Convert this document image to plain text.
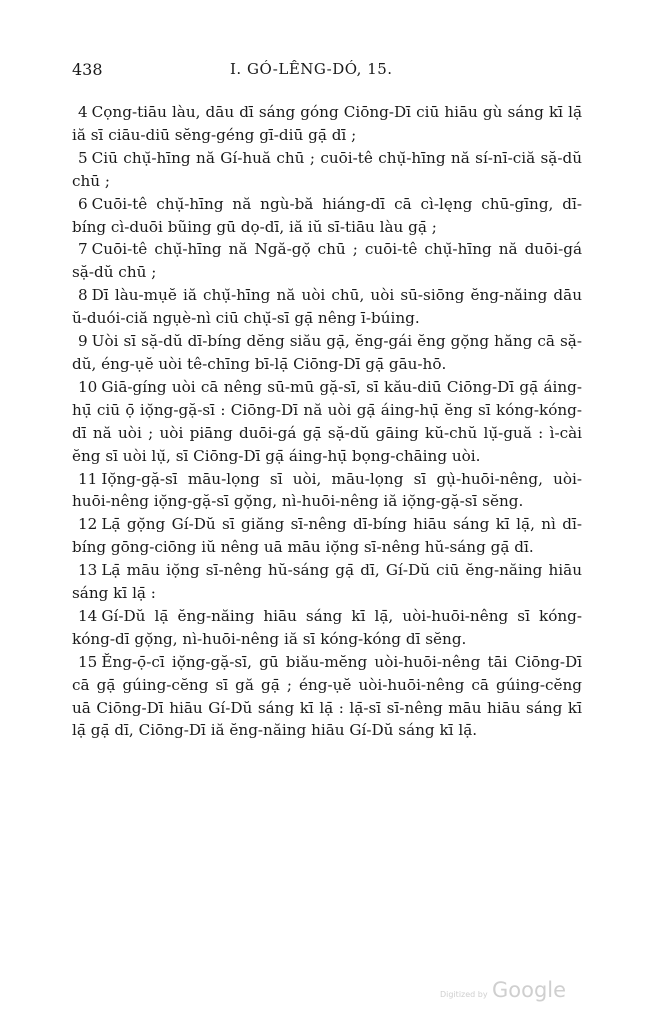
438	I. GÓ-LÊNG-DÓ, 15.

4 Cọng-tiāu làu, dāu dī sáng góng Ciōng-Dī ciū hiāu gù sáng kī lạ̄ iă sī ciāu-diū sĕng-géng gī-diū gạ̄ dī ;

5 Ciū chụ̆-hīng nă Gí-huă chū ; cuōi-tê chụ̆-hīng nă sí-nī-ciă sặ-dŭ chū ;

6 Cuōi-tê chụ̆-hīng nă ngù-bă hiáng-dī cā cì-lęng chū-gīng, dī-bíng cì-duōi bũing gū dọ-dī, iă iŭ sī-tiāu làu gạ̄ ;

7 Cuōi-tê chụ̆-hīng nă Ngă-gọ̆ chū ; cuōi-tê chụ̆-hīng nă duōi-gá sặ-dŭ chū ;

8 Dī làu-mụĕ iă chụ̆-hīng nă uòi chū, uòi sū-siōng ĕng-năing dāu ŭ-duói-ciă ngụè-nì ciū chụ̆-sī gạ̄ nêng ī-búing.

9 Uòi sī sặ-dŭ dī-bíng dĕng siău gạ̄, ĕng-gái ĕng gọ̆ng hăng cā sặ-dŭ, éng-ụĕ uòi tê-chīng bī-lạ̄ Ciōng-Dī gạ̄ gāu-hō.

10 Giā-gíng uòi cā nêng sū-mū gặ-sī, sī kău-diū Ciōng-Dī gạ̄ áing-hụ̄ ciū ọ̄ iọ̆ng-gặ-sī : Ciōng-Dī nă uòi gạ̄ áing-hụ̄ ĕng sī kóng-kóng-dī nă uòi ; uòi piāng duōi-gá gạ̄ sặ-dŭ gāing kŭ-chŭ lụ̆-guă : ì-cài ĕng sī uòi lụ̆, sī Ciōng-Dī gạ̄ áing-hụ̄ bọng-chāing uòi.

11 Iọ̆ng-gặ-sī māu-lọng sī uòi, māu-lọng sī gụ̀-huōi-nêng, uòi-huōi-nêng iọ̆ng-gặ-sī gọ̆ng, nì-huōi-nêng iă iọ̆ng-gặ-sī sĕng.

12 Lạ̄ gọ̆ng Gí-Dŭ sī giăng sī-nêng dī-bíng hiāu sáng kī lạ̄, nì dī-bíng gōng-ciōng iŭ nêng uā māu iọ̆ng sī-nêng hŭ-sáng gạ̄ dī.

13 Lạ̄ māu iọ̆ng sī-nêng hŭ-sáng gạ̄ dī, Gí-Dŭ ciū ĕng-năing hiāu sáng kī lạ̄ :

14 Gí-Dŭ lạ̄ ĕng-năing hiāu sáng kī lạ̄, uòi-huōi-nêng sī kóng-kóng-dī gọ̆ng, nì-huōi-nêng iă sī kóng-kóng dī sĕng.

15 Ĕng-ọ̄-cī iọ̆ng-gặ-sī, gū biău-mĕng uòi-huōi-nêng tāi Ciōng-Dī cā gạ̄ gúing-cĕng sī gă gạ̄ ; éng-ụĕ uòi-huōi-nêng cā gúing-cĕng uā Ciōng-Dī hiāu Gí-Dŭ sáng kī lạ̄ : lạ̄-sī sī-nêng māu hiāu sáng kī lạ̄ gạ̄ dī, Ciōng-Dī iă ĕng-năing hiāu Gí-Dŭ sáng kī lạ̄.

Digitized by Google
